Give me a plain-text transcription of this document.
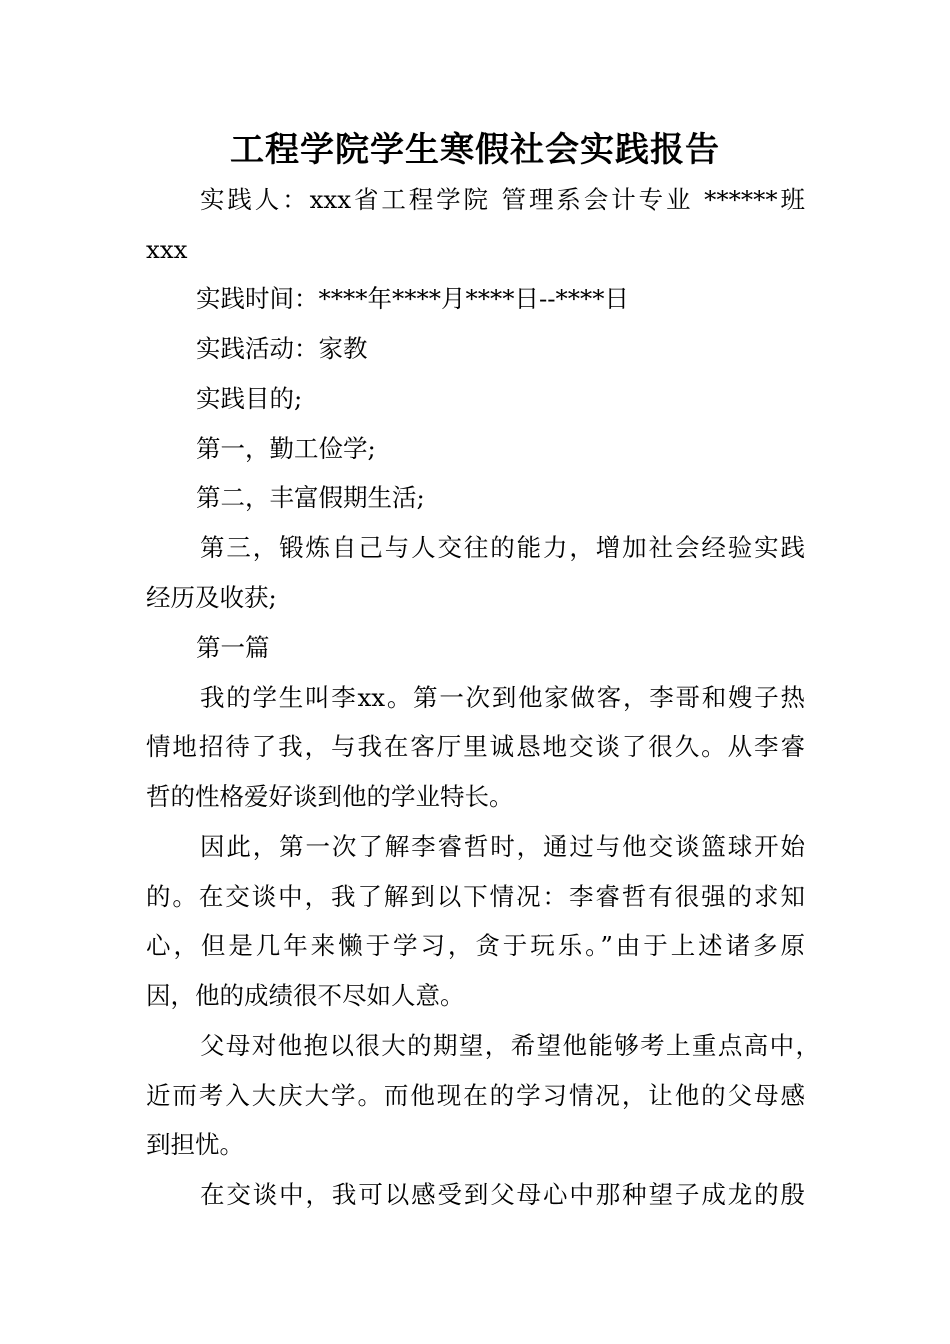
工程学院学生寒假社会实践报告
实践人：xxx省工程学院 管理系会计专业 ******班
xxx
实践时间：****年****月****日--****日
实践活动：家教
实践目的;
第一，勤工俭学;
第二，丰富假期生活;
第三，锻炼自己与人交往的能力，增加社会经验实践
经历及收获;
第一篇
我的学生叫李xx。第一次到他家做客，李哥和嫂子热
情地招待了我，与我在客厅里诚恳地交谈了很久。从李睿
哲的性格爱好谈到他的学业特长。
因此，第一次了解李睿哲时，通过与他交谈篮球开始
的。在交谈中，我了解到以下情况：李睿哲有很强的求知
心，但是几年来懒于学习，贪于玩乐。”由于上述诸多原
因，他的成绩很不尽如人意。
父母对他抱以很大的期望，希望他能够考上重点高中，
近而考入大庆大学。而他现在的学习情况，让他的父母感
到担忧。
在交谈中，我可以感受到父母心中那种望子成龙的殷
